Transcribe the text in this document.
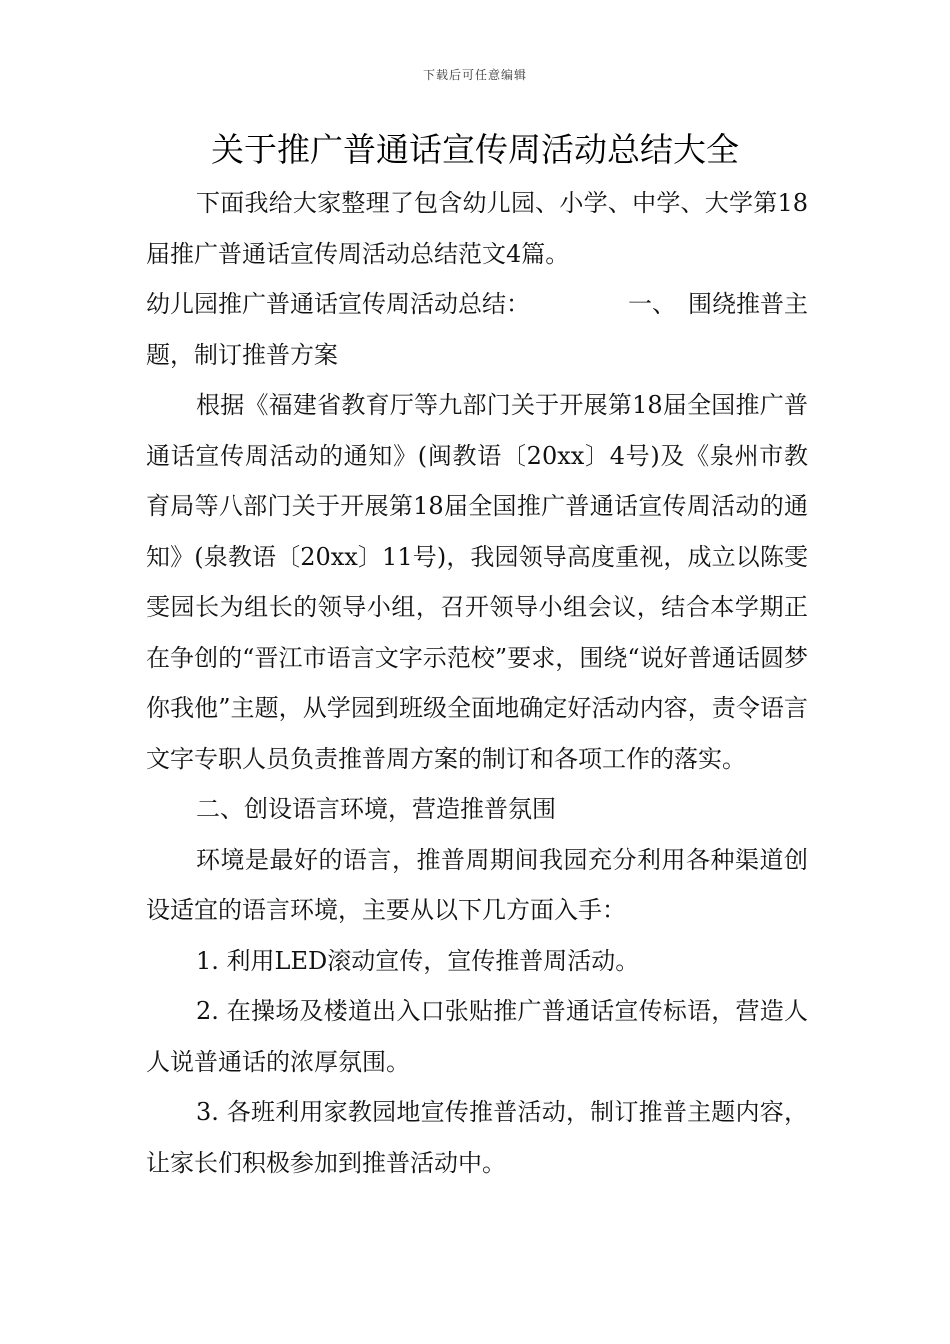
下载后可任意编辑
关于推广普通话宣传周活动总结大全

下面我给大家整理了包含幼儿园、小学、中学、大学第18届推广普通话宣传周活动总结范文4篇。

幼儿园推广普通话宣传周活动总结：	一、　围绕推普主

题，制订推普方案

根据《福建省教育厅等九部门关于开展第18届全国推广普通话宣传周活动的通知》(闽教语〔20xx〕4号)及《泉州市教育局等八部门关于开展第18届全国推广普通话宣传周活动的通知》(泉教语〔20xx〕11号)，我园领导高度重视，成立以陈雯雯园长为组长的领导小组，召开领导小组会议，结合本学期正在争创的“晋江市语言文字示范校”要求，围绕“说好普通话圆梦你我他”主题，从学园到班级全面地确定好活动内容，责令语言文字专职人员负责推普周方案的制订和各项工作的落实。

二、创设语言环境，营造推普氛围

环境是最好的语言，推普周期间我园充分利用各种渠道创设适宜的语言环境，主要从以下几方面入手：

1. 利用LED滚动宣传，宣传推普周活动。

2. 在操场及楼道出入口张贴推广普通话宣传标语，营造人人说普通话的浓厚氛围。

3. 各班利用家教园地宣传推普活动，制订推普主题内容，让家长们积极参加到推普活动中。
